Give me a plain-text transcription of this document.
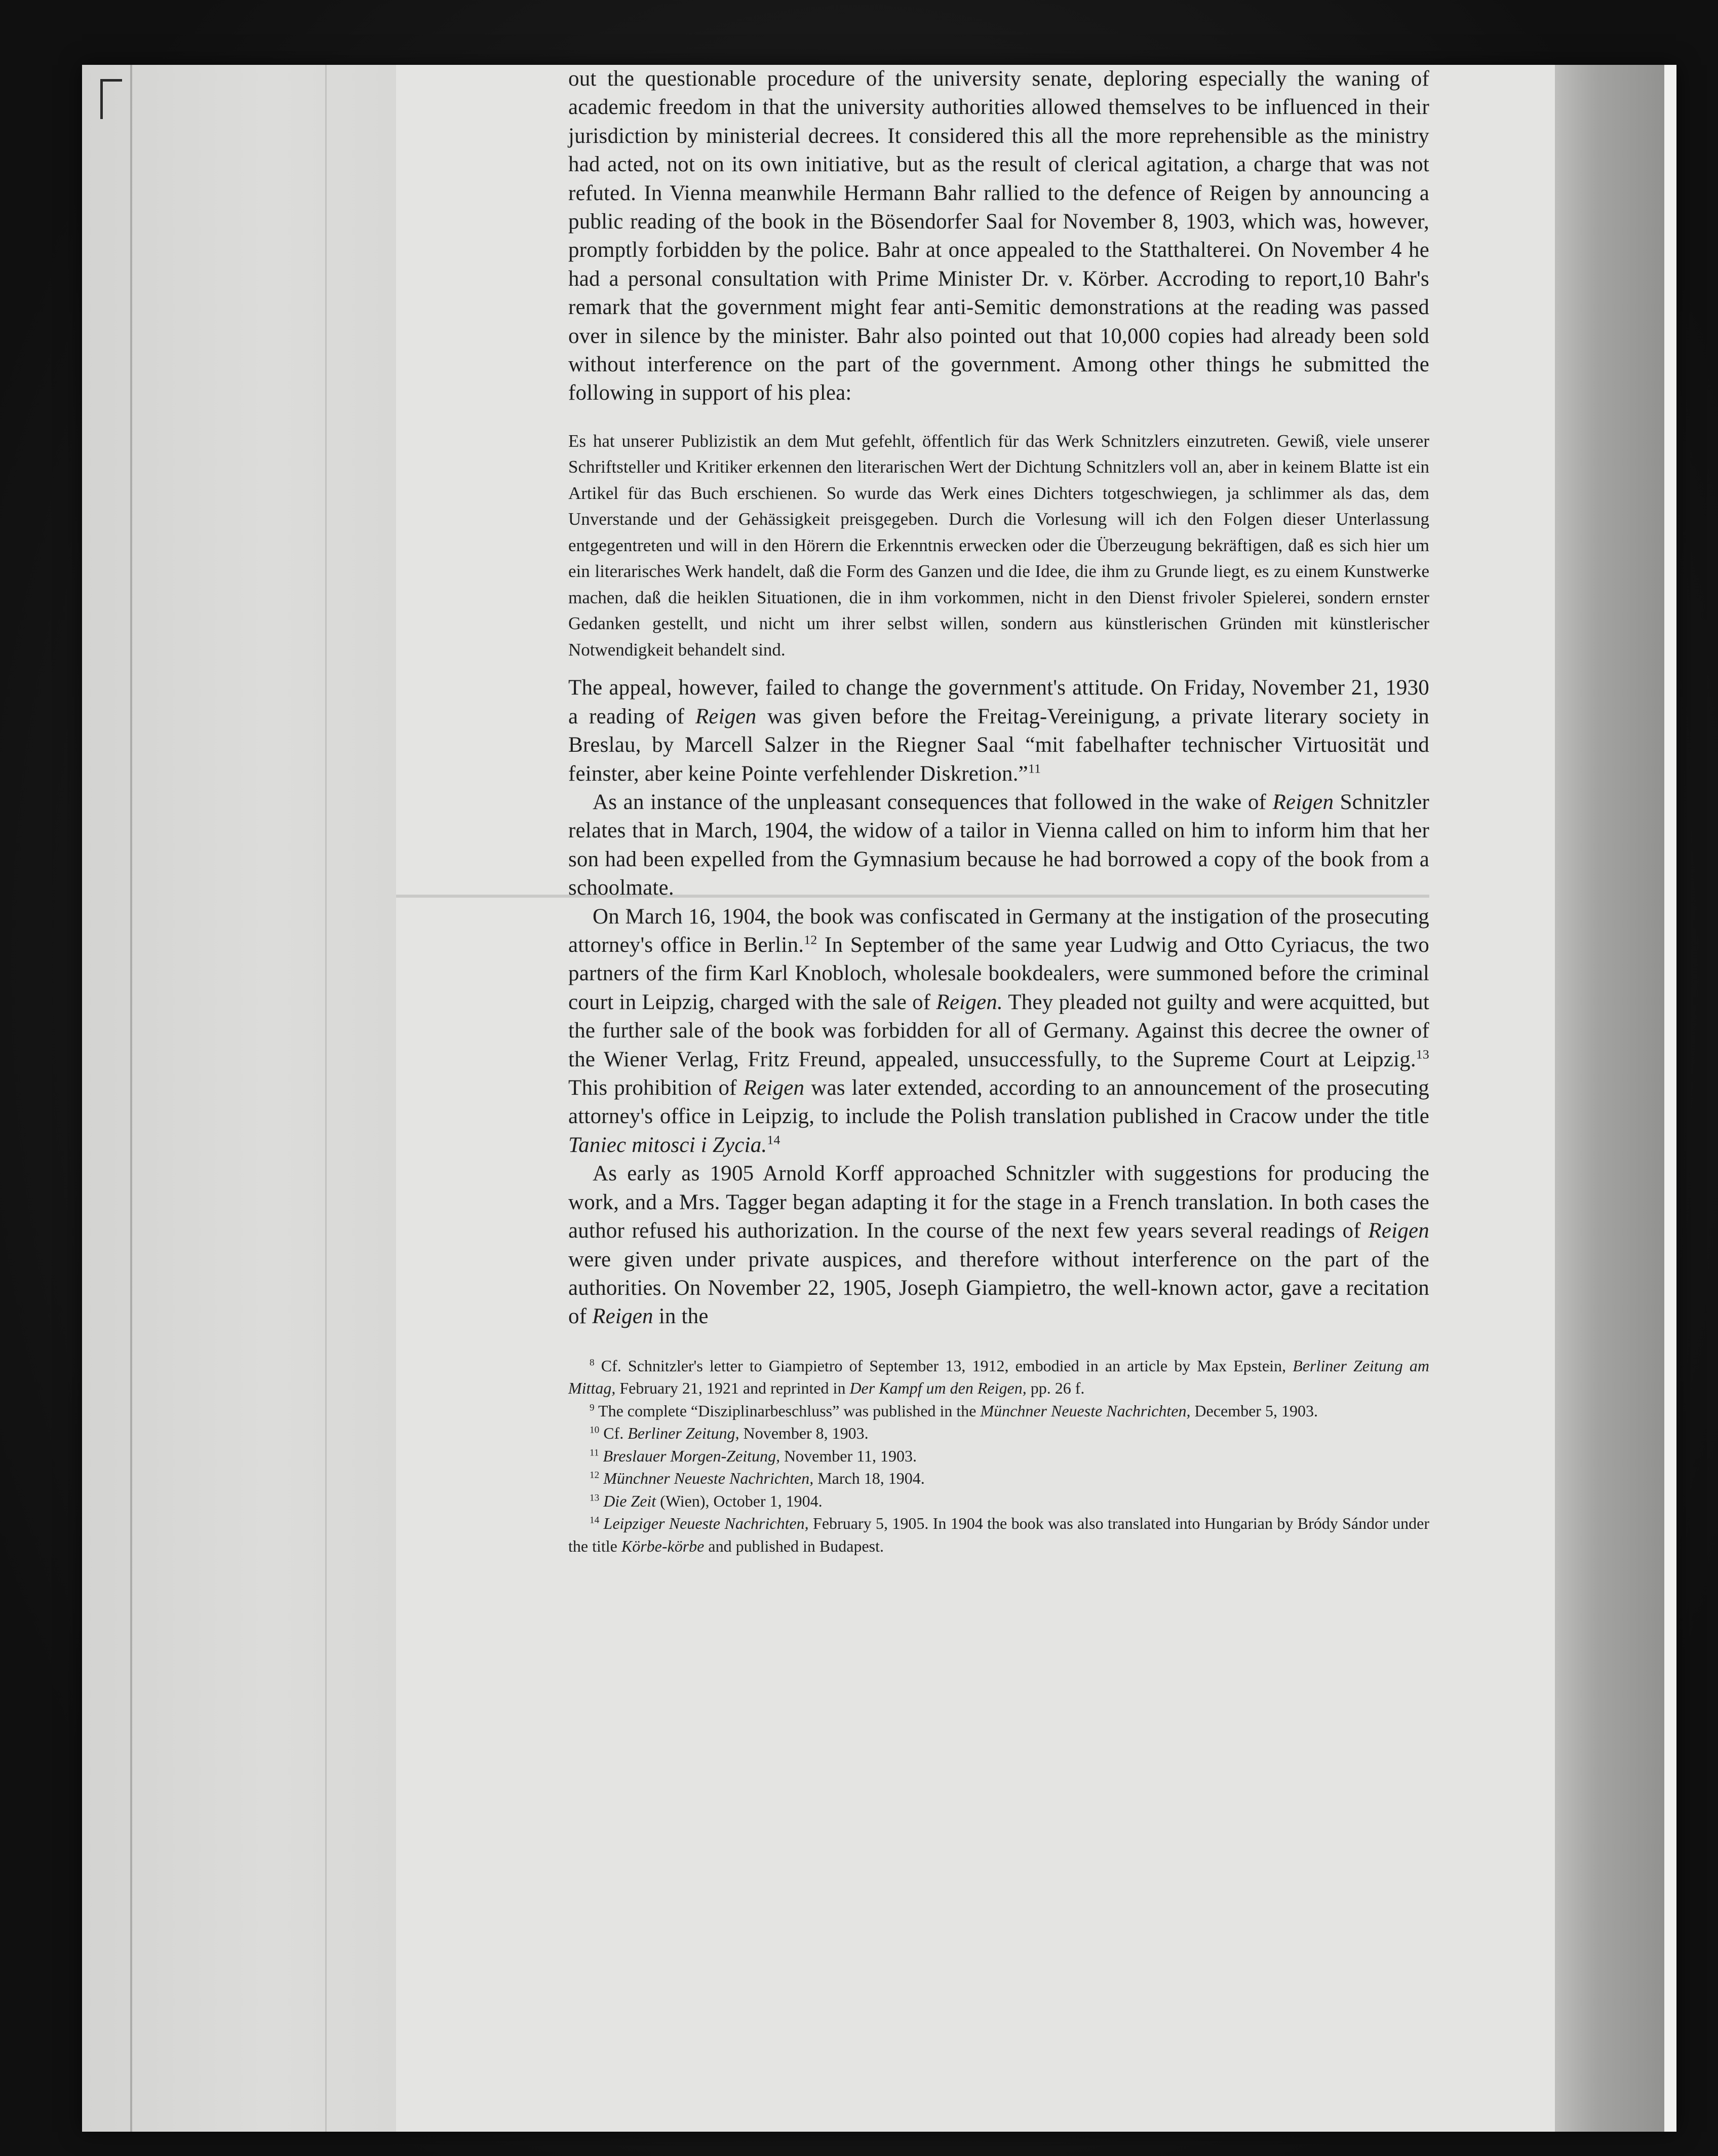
out the questionable procedure of the university senate, deploring especially the waning of academic freedom in that the university authorities allowed themselves to be influenced in their jurisdiction by ministerial decrees. It considered this all the more reprehensible as the ministry had acted, not on its own initiative, but as the result of clerical agitation, a charge that was not refuted. In Vienna meanwhile Hermann Bahr rallied to the defence of Reigen by announcing a public reading of the book in the Bösendorfer Saal for November 8, 1903, which was, however, promptly forbidden by the police. Bahr at once appealed to the Statthalterei. On November 4 he had a personal consultation with Prime Minister Dr. v. Körber. Accroding to report,10 Bahr's remark that the government might fear anti-Semitic demonstrations at the reading was passed over in silence by the minister. Bahr also pointed out that 10,000 copies had already been sold without interference on the part of the government. Among other things he submitted the following in support of his plea:

Es hat unserer Publizistik an dem Mut gefehlt, öffentlich für das Werk Schnitzlers einzutreten. Gewiß, viele unserer Schriftsteller und Kritiker erkennen den literarischen Wert der Dichtung Schnitzlers voll an, aber in keinem Blatte ist ein Artikel für das Buch erschienen. So wurde das Werk eines Dichters totgeschwiegen, ja schlimmer als das, dem Unverstande und der Gehässigkeit preisgegeben. Durch die Vorlesung will ich den Folgen dieser Unterlassung entgegentreten und will in den Hörern die Erkenntnis erwecken oder die Überzeugung bekräftigen, daß es sich hier um ein literarisches Werk handelt, daß die Form des Ganzen und die Idee, die ihm zu Grunde liegt, es zu einem Kunstwerke machen, daß die heiklen Situationen, die in ihm vorkommen, nicht in den Dienst frivoler Spielerei, sondern ernster Gedanken gestellt, und nicht um ihrer selbst willen, sondern aus künstlerischen Gründen mit künstlerischer Notwendigkeit behandelt sind.

The appeal, however, failed to change the government's attitude. On Friday, November 21, 1930 a reading of Reigen was given before the Freitag-Vereinigung, a private literary society in Breslau, by Marcell Salzer in the Riegner Saal “mit fabelhafter technischer Virtuosität und feinster, aber keine Pointe verfehlender Diskretion.”$^{11}$

As an instance of the unpleasant consequences that followed in the wake of Reigen Schnitzler relates that in March, 1904, the widow of a tailor in Vienna called on him to inform him that her son had been expelled from the Gymnasium because he had borrowed a copy of the book from a schoolmate.

On March 16, 1904, the book was confiscated in Germany at the instigation of the prosecuting attorney's office in Berlin.$^{12}$ In September of the same year Ludwig and Otto Cyriacus, the two partners of the firm Karl Knobloch, wholesale bookdealers, were summoned before the criminal court in Leipzig, charged with the sale of Reigen. They pleaded not guilty and were acquitted, but the further sale of the book was forbidden for all of Germany. Against this decree the owner of the Wiener Verlag, Fritz Freund, appealed, unsuccessfully, to the Supreme Court at Leipzig.$^{13}$ This prohibition of Reigen was later extended, according to an announcement of the prosecuting attorney's office in Leipzig, to include the Polish translation published in Cracow under the title Taniec mitosci i Zycia.$^{14}$

As early as 1905 Arnold Korff approached Schnitzler with suggestions for producing the work, and a Mrs. Tagger began adapting it for the stage in a French translation. In both cases the author refused his authorization. In the course of the next few years several readings of Reigen were given under private auspices, and therefore without interference on the part of the authorities. On November 22, 1905, Joseph Giampietro, the well-known actor, gave a recitation of Reigen in the

$^8$ Cf. Schnitzler's letter to Giampietro of September 13, 1912, embodied in an article by Max Epstein, Berliner Zeitung am Mittag, February 21, 1921 and reprinted in Der Kampf um den Reigen, pp. 26 f.

$^9$ The complete “Disziplinarbeschluss” was published in the Münchner Neueste Nachrichten, December 5, 1903.

$^{10}$ Cf. Berliner Zeitung, November 8, 1903.

$^{11}$ Breslauer Morgen-Zeitung, November 11, 1903.

$^{12}$ Münchner Neueste Nachrichten, March 18, 1904.

$^{13}$ Die Zeit (Wien), October 1, 1904.

$^{14}$ Leipziger Neueste Nachrichten, February 5, 1905. In 1904 the book was also translated into Hungarian by Bródy Sándor under the title Körbe-körbe and published in Budapest.
